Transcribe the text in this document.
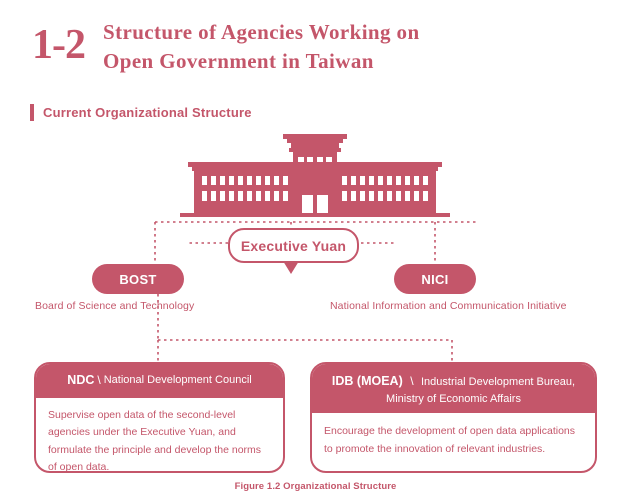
1-2 Structure of Agencies Working on
Open Government in Taiwan
Current Organizational Structure
Executive Yuan
BOST
Board of Science and Technology
NICI
National Information and Communication Initiative
NDC \ National Development Council
Supervise open data of the second-level agencies under the Executive Yuan, and formulate the principle and develop the norms of open data.
IDB (MOEA) \ Industrial Development Bureau,
Ministry of Economic Affairs
Encourage the development of open data applications to promote the innovation of relevant industries.
Figure 1.2 Organizational Structure
